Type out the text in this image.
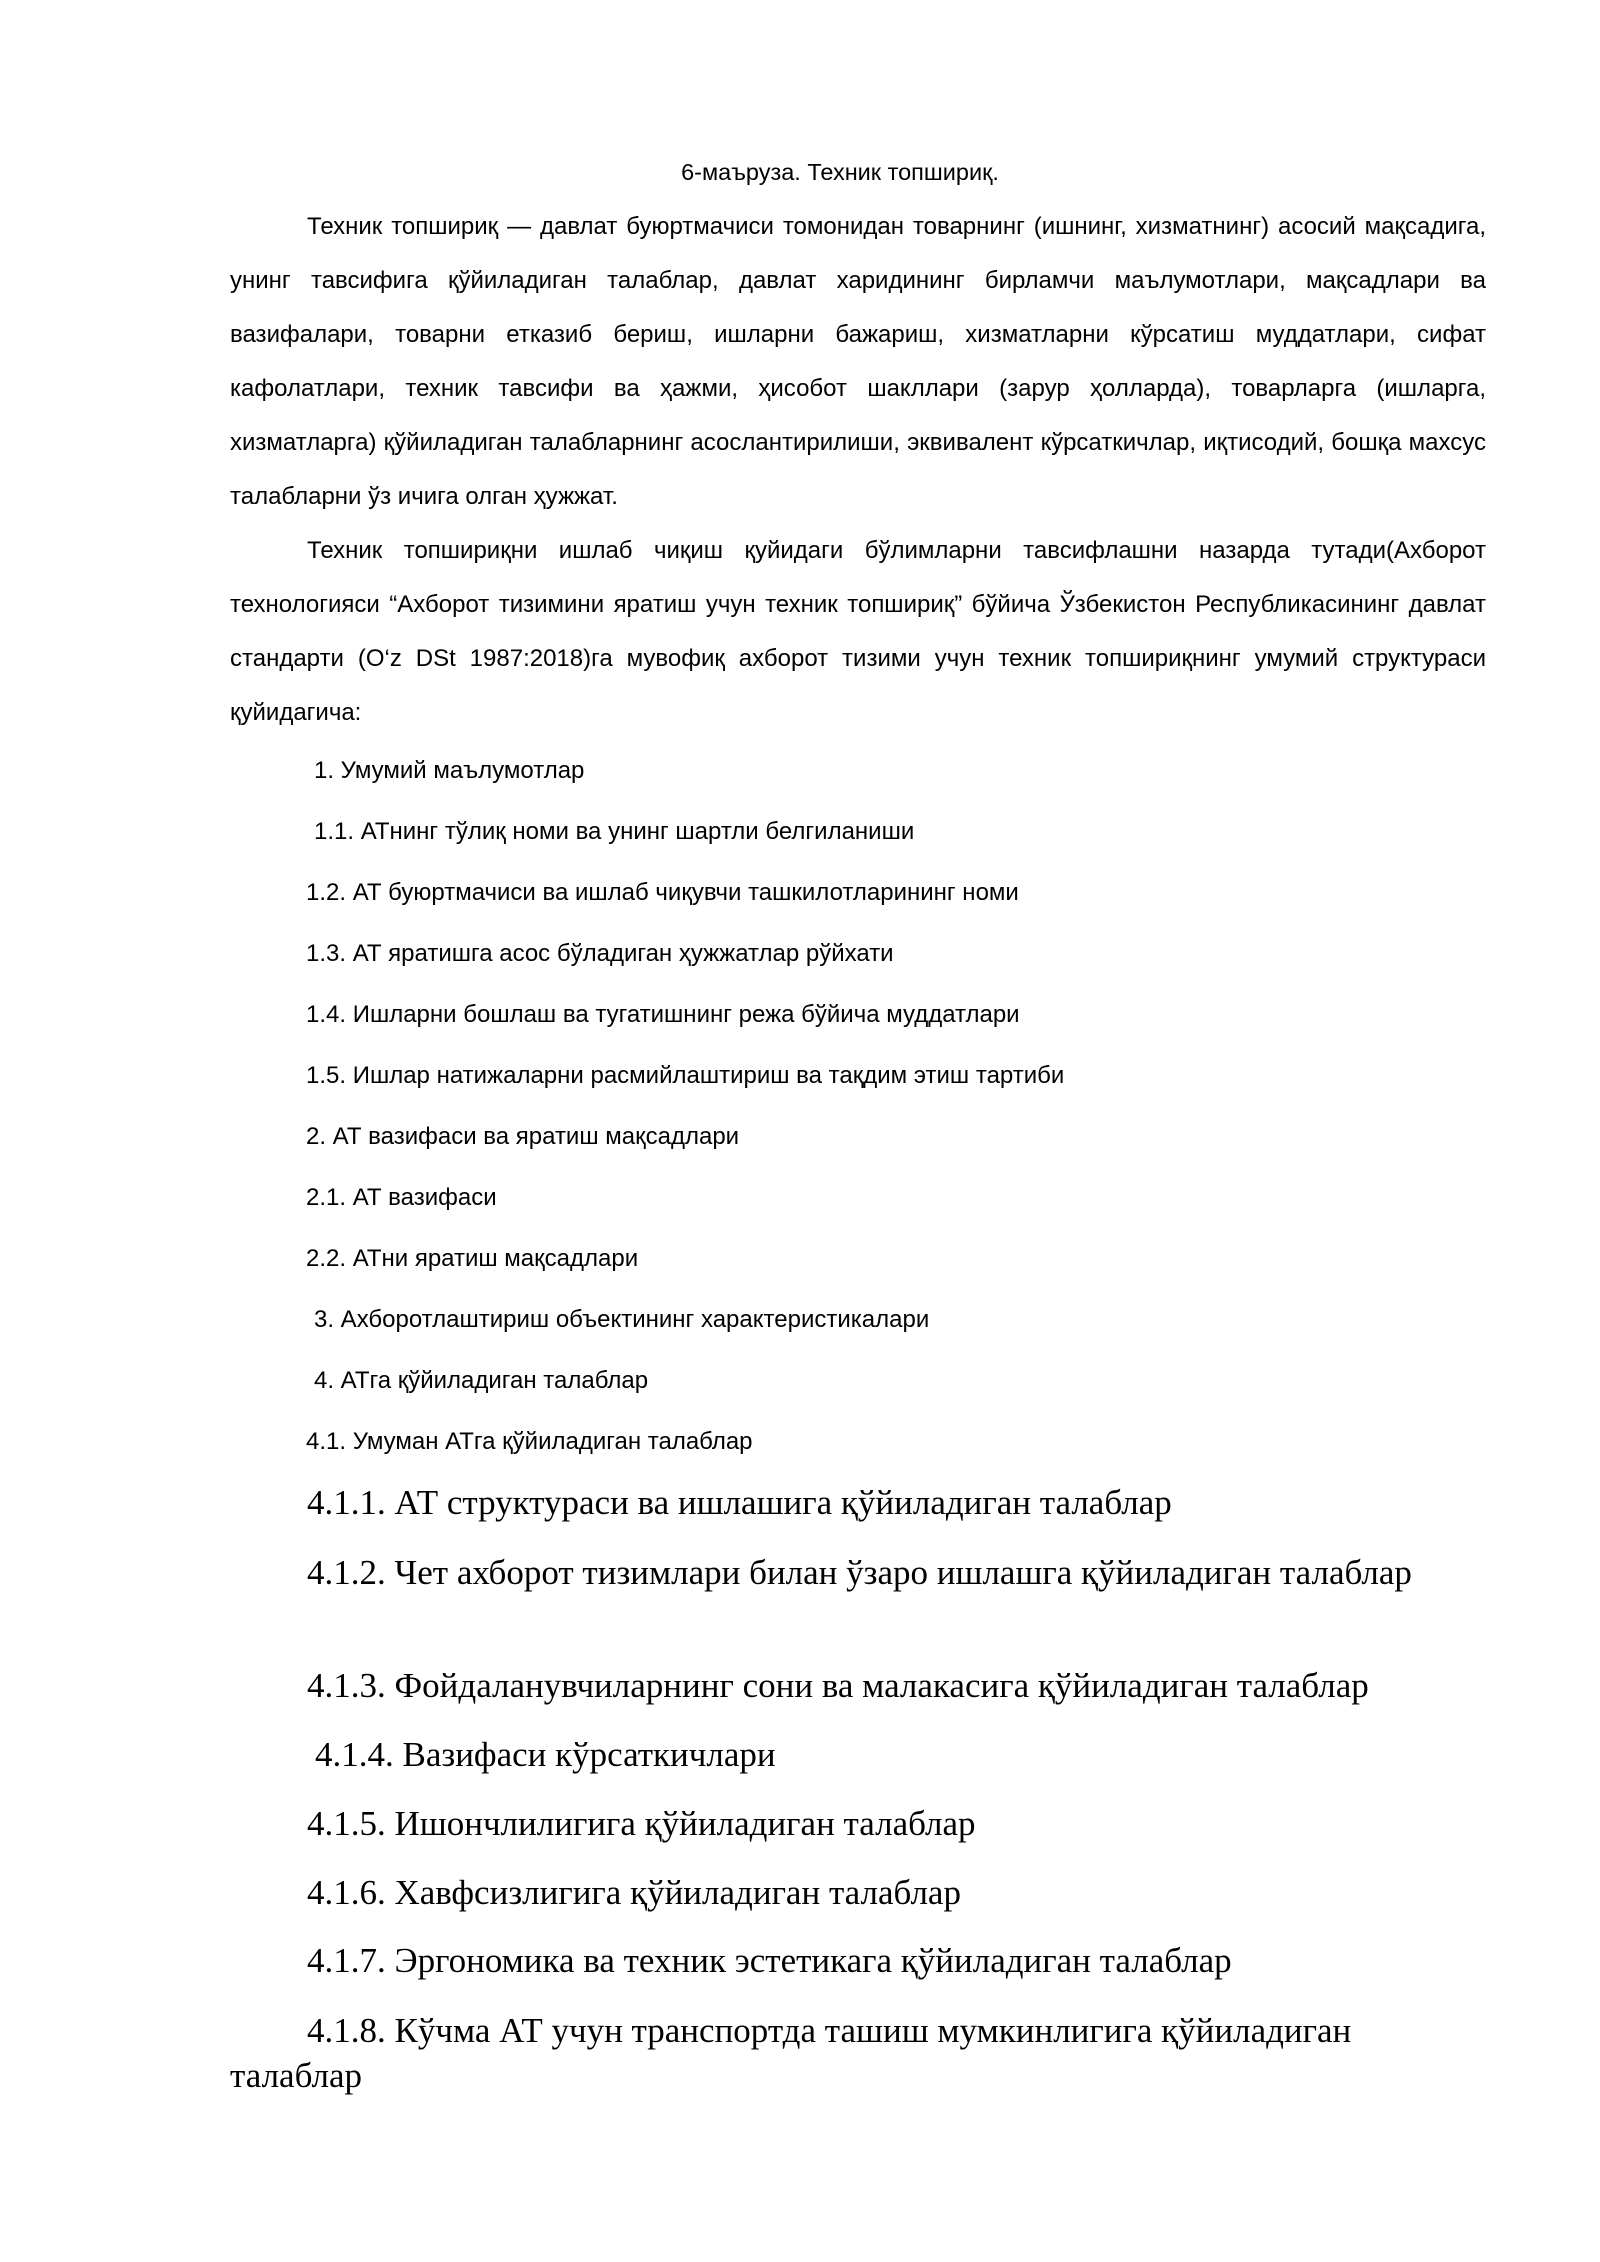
6-маъруза. Техник топшириқ.

Техник топшириқ — давлат буюртмачиси томонидан товарнинг (ишнинг, хизматнинг) асосий мақсадига, унинг тавсифига қўйиладиган талаблар, давлат харидининг бирламчи маълумотлари, мақсадлари ва вазифалари, товарни етказиб бериш, ишларни бажариш, хизматларни кўрсатиш муддатлари, сифат кафолатлари, техник тавсифи ва ҳажми, ҳисобот шакллари (зарур ҳолларда), товарларга (ишларга, хизматларга) қўйиладиган талабларнинг асослантирилиши, эквивалент кўрсаткичлар, иқтисодий, бошқа махсус талабларни ўз ичига олган ҳужжат.

Техник топшириқни ишлаб чиқиш қуйидаги бўлимларни тавсифлашни назарда тутади(Ахборот технологияси “Ахборот тизимини яратиш учун техник топшириқ” бўйича Ўзбекистон Республикасининг давлат стандарти (O‘z DSt 1987:2018)га мувофиқ ахборот тизими учун техник топшириқнинг умумий структураси қуйидагича:

1. Умумий маълумотлар
1.1. АТнинг тўлиқ номи ва унинг шартли белгиланиши
1.2. АТ буюртмачиси ва ишлаб чиқувчи ташкилотларининг номи
1.3. АТ яратишга асос бўладиган ҳужжатлар рўйхати
1.4. Ишларни бошлаш ва тугатишнинг режа бўйича муддатлари
1.5. Ишлар натижаларни расмийлаштириш ва тақдим этиш тартиби
2. АТ вазифаси ва яратиш мақсадлари
2.1. АТ вазифаси
2.2. АТни яратиш мақсадлари
3. Ахборотлаштириш объектининг характеристикалари
4. АТга қўйиладиган талаблар
4.1. Умуман АТга қўйиладиган талаблар
4.1.1. АТ структураси ва ишлашига қўйиладиган талаблар
4.1.2. Чет ахборот тизимлари билан ўзаро ишлашга қўйиладиган талаблар
4.1.3. Фойдаланувчиларнинг сони ва малакасига қўйиладиган талаблар
4.1.4. Вазифаси кўрсаткичлари
4.1.5. Ишончлилигига қўйиладиган талаблар
4.1.6. Хавфсизлигига қўйиладиган талаблар
4.1.7. Эргономика ва техник эстетикага қўйиладиган талаблар
4.1.8. Кўчма АТ учун транспортда ташиш мумкинлигига қўйиладиган талаблар
